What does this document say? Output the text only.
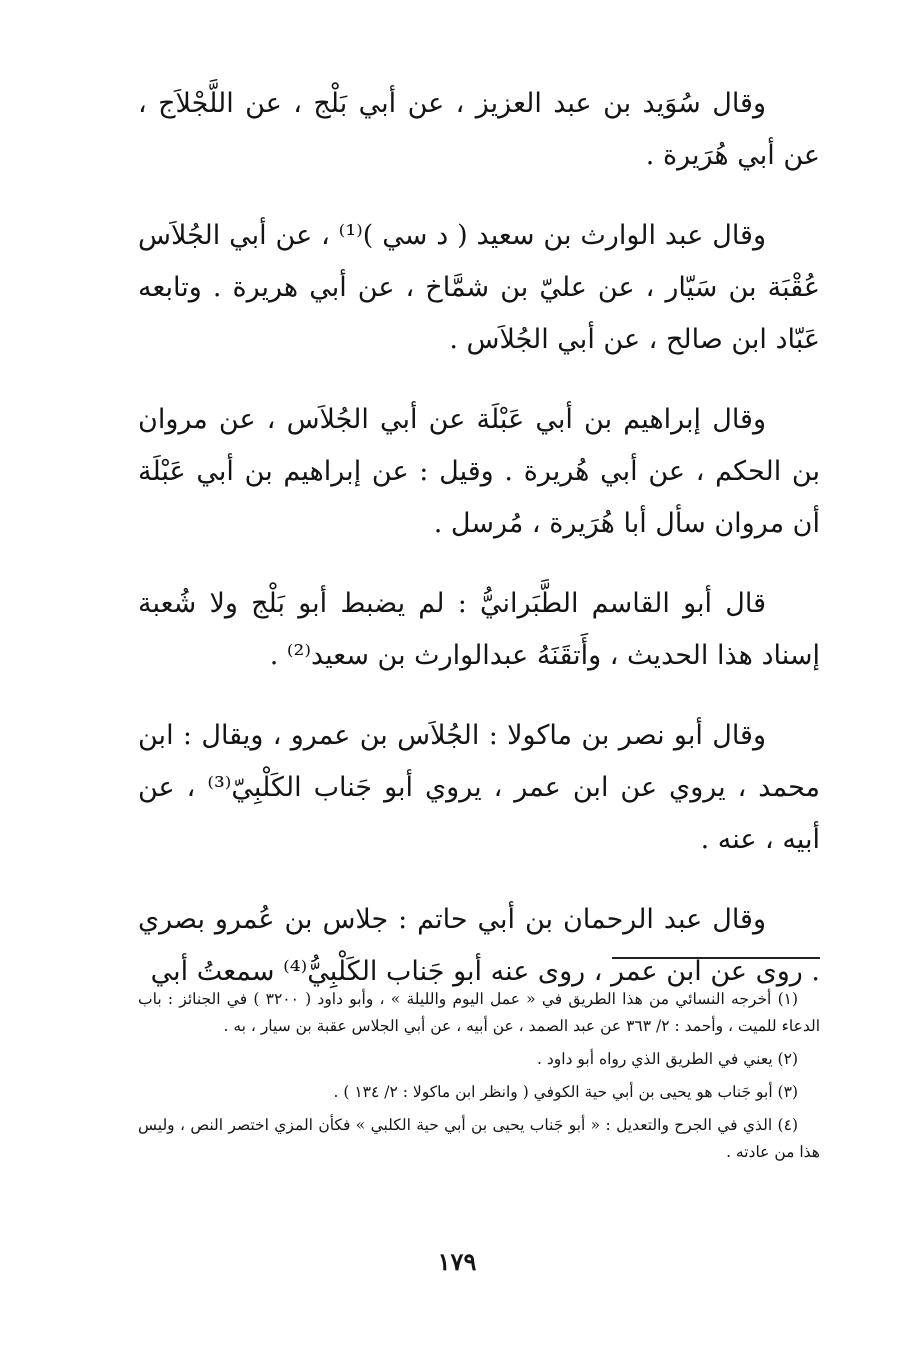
وقال سُوَيد بن عبد العزيز ، عن أبي بَلْج ، عن اللَّجْلاَج ، عن أبي هُرَيرة .

وقال عبد الوارث بن سعيد ( د سي )⁽¹⁾ ، عن أبي الجُلاَس عُقْبَة بن سَيّار ، عن عليّ بن شمَّاخ ، عن أبي هريرة . وتابعه عَبّاد ابن صالح ، عن أبي الجُلاَس .

وقال إبراهيم بن أبي عَبْلَة عن أبي الجُلاَس ، عن مروان بن الحكم ، عن أبي هُريرة . وقيل : عن إبراهيم بن أبي عَبْلَة أن مروان سأل أبا هُرَيرة ، مُرسل .

قال أبو القاسم الطَّبَرانيُّ : لم يضبط أبو بَلْج ولا شُعبة إسناد هذا الحديث ، وأَتقَنَهُ عبدالوارث بن سعيد⁽²⁾ .

وقال أبو نصر بن ماكولا : الجُلاَس بن عمرو ، ويقال : ابن محمد ، يروي عن ابن عمر ، يروي أبو جَناب الكَلْبِيّ⁽³⁾ ، عن أبيه ، عنه .

وقال عبد الرحمان بن أبي حاتم : جلاس بن عُمرو بصري . روى عن ابن عمر ، روى عنه أبو جَناب الكَلْبِيُّ⁽⁴⁾ سمعتُ أبي

(١) أخرجه النسائي من هذا الطريق في « عمل اليوم والليلة » ، وأبو داود ( ٣٢٠٠ ) في الجنائز : باب الدعاء للميت ، وأحمد : ٢/ ٣٦٣ عن عبد الصمد ، عن أبيه ، عن أبي الجلاس عقبة بن سيار ، به .

(٢) يعني في الطريق الذي رواه أبو داود .

(٣) أبو جَناب هو يحيى بن أبي حية الكوفي ( وانظر ابن ماكولا : ٢/ ١٣٤ ) .

(٤) الذي في الجرح والتعديل : « أبو جَناب يحيى بن أبي حية الكلبي » فكأن المزي اختصر النص ، وليس هذا من عادته .

١٧٩
